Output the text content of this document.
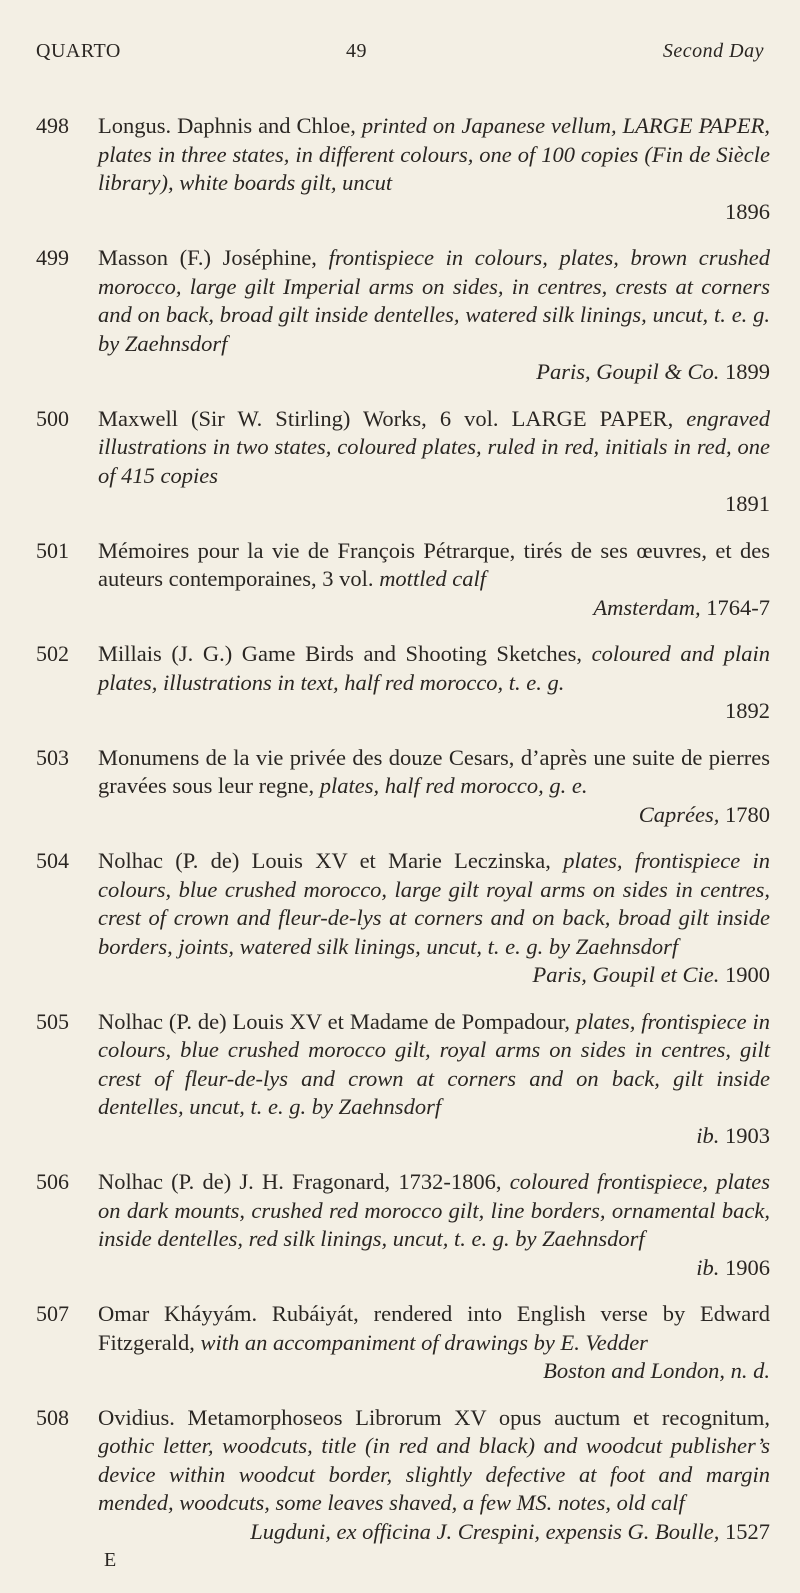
QUARTO	49	Second Day
498	Longus. Daphnis and Chloe, printed on Japanese vellum, LARGE PAPER, plates in three states, in different colours, one of 100 copies (Fin de Siècle library), white boards gilt, uncut
1896
499	Masson (F.) Joséphine, frontispiece in colours, plates, brown crushed morocco, large gilt Imperial arms on sides, in centres, crests at corners and on back, broad gilt inside dentelles, watered silk linings, uncut, t. e. g. by Zaehnsdorf
Paris, Goupil & Co. 1899
500	Maxwell (Sir W. Stirling) Works, 6 vol. LARGE PAPER, engraved illustrations in two states, coloured plates, ruled in red, initials in red, one of 415 copies
1891
501	Mémoires pour la vie de François Pétrarque, tirés de ses œuvres, et des auteurs contemporaines, 3 vol. mottled calf
Amsterdam, 1764-7
502	Millais (J. G.) Game Birds and Shooting Sketches, coloured and plain plates, illustrations in text, half red morocco, t. e. g.
1892
503	Monumens de la vie privée des douze Cesars, d’après une suite de pierres gravées sous leur regne, plates, half red morocco, g. e.
Caprées, 1780
504	Nolhac (P. de) Louis XV et Marie Leczinska, plates, frontispiece in colours, blue crushed morocco, large gilt royal arms on sides in centres, crest of crown and fleur-de-lys at corners and on back, broad gilt inside borders, joints, watered silk linings, uncut, t. e. g. by Zaehnsdorf
Paris, Goupil et Cie. 1900
505	Nolhac (P. de) Louis XV et Madame de Pompadour, plates, frontispiece in colours, blue crushed morocco gilt, royal arms on sides in centres, gilt crest of fleur-de-lys and crown at corners and on back, gilt inside dentelles, uncut, t. e. g. by Zaehnsdorf
ib. 1903
506	Nolhac (P. de) J. H. Fragonard, 1732-1806, coloured frontispiece, plates on dark mounts, crushed red morocco gilt, line borders, ornamental back, inside dentelles, red silk linings, uncut, t. e. g. by Zaehnsdorf
ib. 1906
507	Omar Kháyyám. Rubáiyát, rendered into English verse by Edward Fitzgerald, with an accompaniment of drawings by E. Vedder
Boston and London, n. d.
508	Ovidius. Metamorphoseos Librorum XV opus auctum et recognitum, gothic letter, woodcuts, title (in red and black) and woodcut publisher’s device within woodcut border, slightly defective at foot and margin mended, woodcuts, some leaves shaved, a few MS. notes, old calf
Lugduni, ex officina J. Crespini, expensis G. Boulle, 1527
E
